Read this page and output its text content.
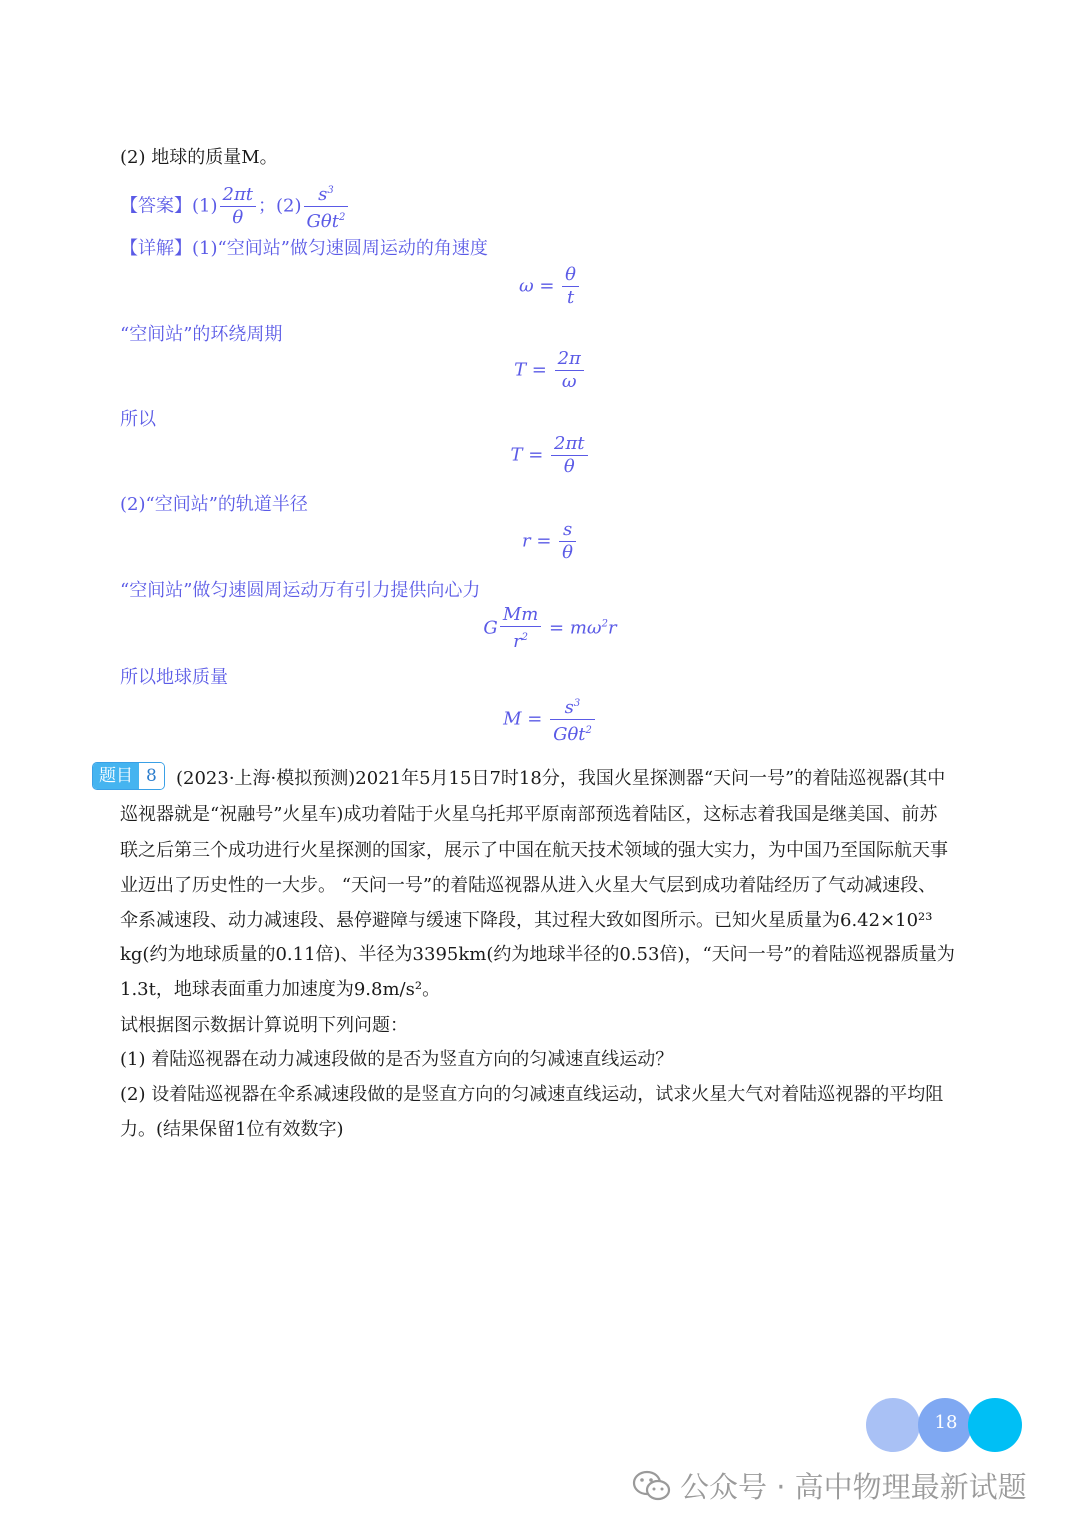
(2) 地球的质量M。
【答案】$(1) \frac{2\pi t}{\theta}$ ；$(2) \frac{s^3}{G\theta t^2}$
【详解】(1)“空间站”做匀速圆周运动的角速度
$\omega = \frac{\theta}{t}$
“空间站”的环绕周期
$T = \frac{2\pi}{\omega}$
所以
$T = \frac{2\pi t}{\theta}$
(2)“空间站”的轨道半径
$r = \frac{s}{\theta}$
“空间站”做匀速圆周运动万有引力提供向心力
G $\frac{Mm}{r^2} = m\omega^2r$
所以地球质量
$M = \frac{s^3}{G\theta t^2}$
题目 8	(2023·上海·模拟预测)2021年5月15日7时18分，我国火星探测器“天问一号”的着陆巡视器(其中
巡视器就是“祝融号”火星车)成功着陆于火星乌托邦平原南部预选着陆区，这标志着我国是继美国、前苏
联之后第三个成功进行火星探测的国家，展示了中国在航天技术领域的强大实力，为中国乃至国际航天事
业迈出了历史性的一大步。 “天问一号”的着陆巡视器从进入火星大气层到成功着陆经历了气动减速段、
伞系减速段、动力减速段、悬停避障与缓速下降段，其过程大致如图所示。已知火星质量为6.42×10²³
kg(约为地球质量的0.11倍)、半径为3395km(约为地球半径的0.53倍)，“天问一号”的着陆巡视器质量为
1.3t，地球表面重力加速度为9.8m/s²。
试根据图示数据计算说明下列问题：
(1) 着陆巡视器在动力减速段做的是否为竖直方向的匀减速直线运动？
(2) 设着陆巡视器在伞系减速段做的是竖直方向的匀减速直线运动，试求火星大气对着陆巡视器的平均阻
力。(结果保留1位有效数字)
18
公众号 · 高中物理最新试题
